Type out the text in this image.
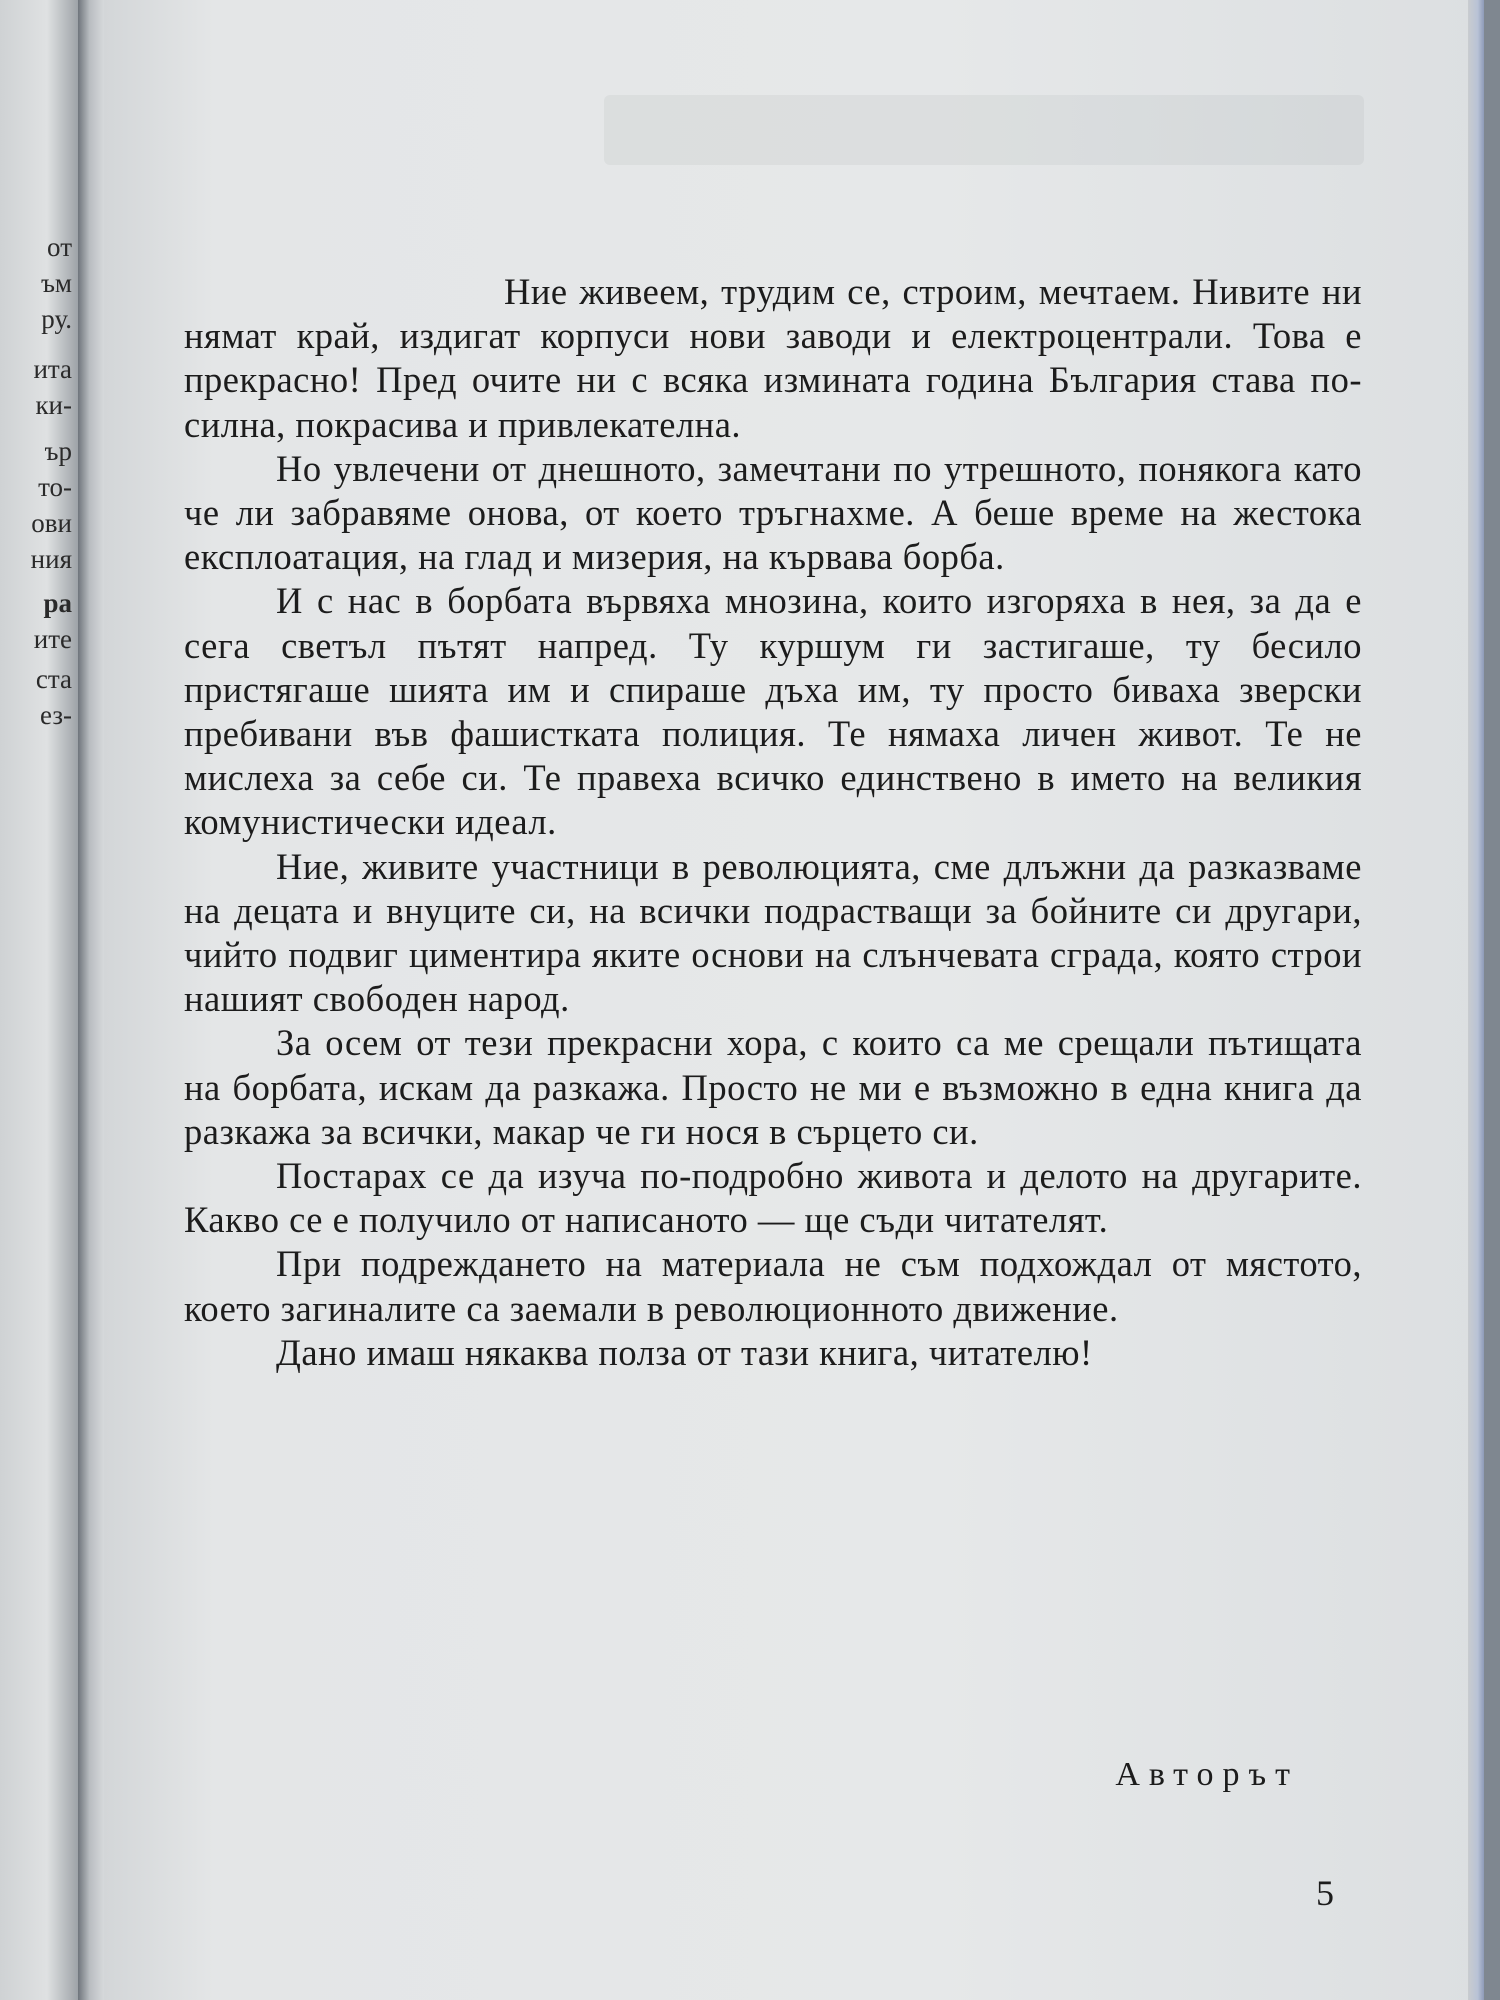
от
ъм
ру.
ита
ки-
ър
то-
ови
ния
ра
ите
ста
ез-

Ние живеем, трудим се, строим, мечтаем. Нивите ни нямат край, издигат корпуси нови заводи и електроцентрали. Това е прекрасно! Пред очите ни с всяка измината година България става по-силна, покрасива и привлекателна.

Но увлечени от днешното, замечтани по утрешното, понякога като че ли забравяме онова, от което тръгнахме. А беше време на жестока експлоатация, на глад и мизерия, на кървава борба.

И с нас в борбата вървяха мнозина, които изгоряха в нея, за да е сега светъл пътят напред. Ту куршум ги застигаше, ту бесило пристягаше шията им и спираше дъха им, ту просто биваха зверски пребивани във фашистката полиция. Те нямаха личен живот. Те не мислеха за себе си. Те правеха всичко единствено в името на великия комунистически идеал.

Ние, живите участници в революцията, сме длъжни да разказваме на децата и внуците си, на всички подрастващи за бойните си другари, чийто подвиг циментира яките основи на слънчевата сграда, която строи нашият свободен народ.

За осем от тези прекрасни хора, с които са ме срещали пътищата на борбата, искам да разкажа. Просто не ми е възможно в една книга да разкажа за всички, макар че ги нося в сърцето си.

Постарах се да изуча по-подробно живота и делото на другарите. Какво се е получило от написаното — ще съди читателят.

При подреждането на материала не съм подхождал от мястото, което загиналите са заемали в революционното движение.

Дано имаш някаква полза от тази книга, читателю!

Авторът
5
